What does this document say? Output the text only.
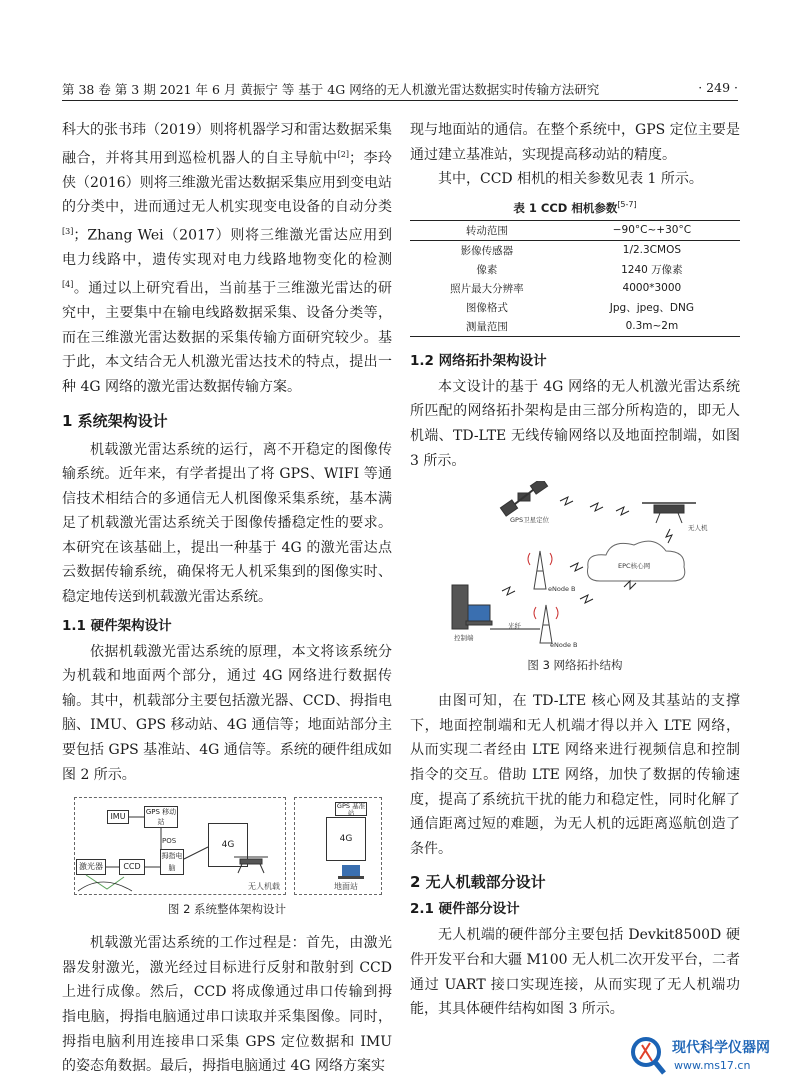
第 38 卷 第 3 期 2021 年 6 月 黄振宁 等 基于 4G 网络的无人机激光雷达数据实时传输方法研究	· 249 ·

科大的张书玮（2019）则将机器学习和雷达数据采集融合，并将其用到巡检机器人的自主导航中[2]；李玲侠（2016）则将三维激光雷达数据采集应用到变电站的分类中，进而通过无人机实现变电设备的自动分类[3]；Zhang Wei（2017）则将三维激光雷达应用到电力线路中，遗传实现对电力线路地物变化的检测[4]。通过以上研究看出，当前基于三维激光雷达的研究中，主要集中在输电线路数据采集、设备分类等，而在三维激光雷达数据的采集传输方面研究较少。基于此，本文结合无人机激光雷达技术的特点，提出一种 4G 网络的激光雷达数据传输方案。

1 系统架构设计

机载激光雷达系统的运行，离不开稳定的图像传输系统。近年来，有学者提出了将 GPS、WIFI 等通信技术相结合的多通信无人机图像采集系统，基本满足了机载激光雷达系统关于图像传播稳定性的要求。本研究在该基础上，提出一种基于 4G 的激光雷达点云数据传输系统，确保将无人机采集到的图像实时、稳定地传送到机载激光雷达系统。

1.1 硬件架构设计

依据机载激光雷达系统的原理，本文将该系统分为机载和地面两个部分，通过 4G 网络进行数据传输。其中，机载部分主要包括激光器、CCD、拇指电脑、IMU、GPS 移动站、4G 通信等；地面站部分主要包括 GPS 基准站、4G 通信等。系统的硬件组成如图 2 所示。

IMU	GPS 移动站
POS
激光器	CCD
拇指电脑
4G
4G
GPS 基准站
无人机载	地面站

图 2 系统整体架构设计

机载激光雷达系统的工作过程是：首先，由激光器发射激光，激光经过目标进行反射和散射到 CCD 上进行成像。然后，CCD 将成像通过串口传输到拇指电脑，拇指电脑通过串口读取并采集图像。同时，拇指电脑利用连接串口采集 GPS 定位数据和 IMU 的姿态角数据。最后，拇指电脑通过 4G 网络方案实

现与地面站的通信。在整个系统中，GPS 定位主要是通过建立基准站，实现提高移动站的精度。

其中，CCD 相机的相关参数见表 1 所示。

表 1 CCD 相机参数[5-7]

转动范围	−90°C~+30°C
影像传感器	1/2.3CMOS
像素	1240 万像素
照片最大分辨率	4000*3000
图像格式	Jpg、jpeg、DNG
测量范围	0.3m~2m

1.2 网络拓扑架构设计

本文设计的基于 4G 网络的无人机激光雷达系统所匹配的网络拓扑架构是由三部分所构造的，即无人机端、TD-LTE 无线传输网络以及地面控制端，如图 3 所示。

GPS卫星定位
EPC核心网
eNode B
eNode B
无人机
控制端
光纤

图 3 网络拓扑结构

由图可知，在 TD-LTE 核心网及其基站的支撑下，地面控制端和无人机端才得以并入 LTE 网络，从而实现二者经由 LTE 网络来进行视频信息和控制指令的交互。借助 LTE 网络，加快了数据的传输速度，提高了系统抗干扰的能力和稳定性，同时化解了通信距离过短的难题，为无人机的远距离巡航创造了条件。

2 无人机载部分设计

2.1 硬件部分设计

无人机端的硬件部分主要包括 Devkit8500D 硬件开发平台和大疆 M100 无人机二次开发平台，二者通过 UART 接口实现连接，从而实现了无人机端功能，其具体硬件结构如图 3 所示。

现代科学仪器网
www.ms17.cn
